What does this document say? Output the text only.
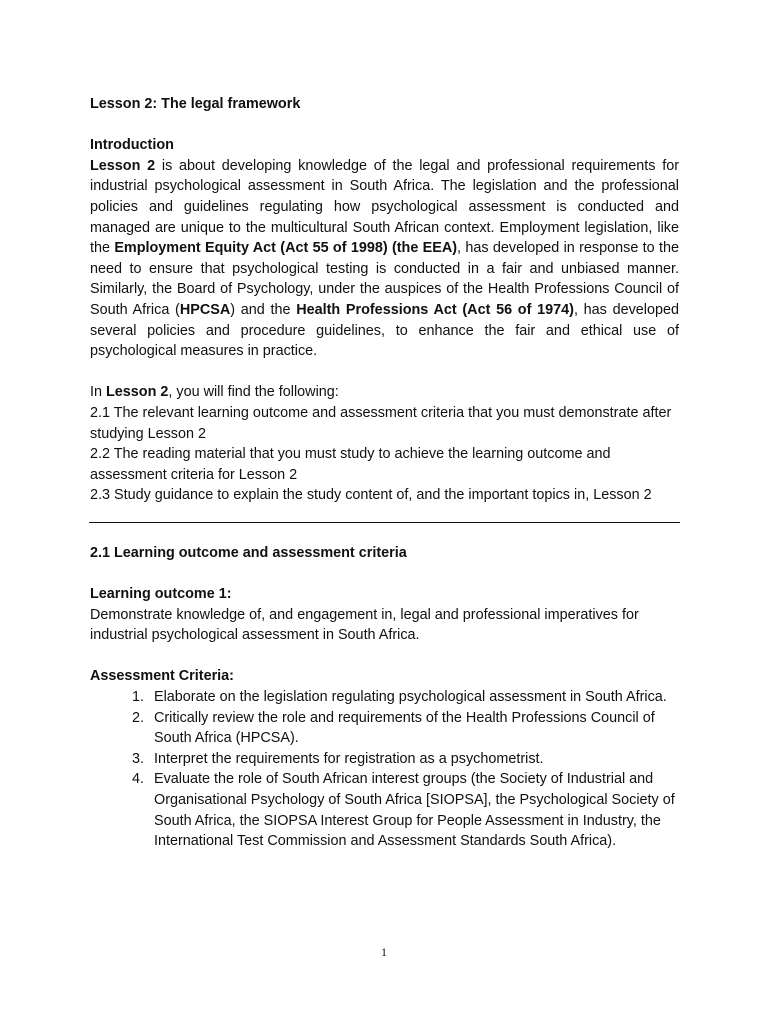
Lesson 2: The legal framework

Introduction

Lesson 2 is about developing knowledge of the legal and professional requirements for industrial psychological assessment in South Africa. The legislation and the professional policies and guidelines regulating how psychological assessment is conducted and managed are unique to the multicultural South African context. Employment legislation, like the Employment Equity Act (Act 55 of 1998) (the EEA), has developed in response to the need to ensure that psychological testing is conducted in a fair and unbiased manner. Similarly, the Board of Psychology, under the auspices of the Health Professions Council of South Africa (HPCSA) and the Health Professions Act (Act 56 of 1974), has developed several policies and procedure guidelines, to enhance the fair and ethical use of psychological measures in practice.

In Lesson 2, you will find the following:

2.1 The relevant learning outcome and assessment criteria that you must demonstrate after studying Lesson 2

2.2 The reading material that you must study to achieve the learning outcome and assessment criteria for Lesson 2

2.3 Study guidance to explain the study content of, and the important topics in, Lesson 2

2.1 Learning outcome and assessment criteria

Learning outcome 1:

Demonstrate knowledge of, and engagement in, legal and professional imperatives for industrial psychological assessment in South Africa.

Assessment Criteria:

1. Elaborate on the legislation regulating psychological assessment in South Africa.
2. Critically review the role and requirements of the Health Professions Council of South Africa (HPCSA).
3. Interpret the requirements for registration as a psychometrist.
4. Evaluate the role of South African interest groups (the Society of Industrial and Organisational Psychology of South Africa [SIOPSA], the Psychological Society of South Africa, the SIOPSA Interest Group for People Assessment in Industry, the International Test Commission and Assessment Standards South Africa).
1
